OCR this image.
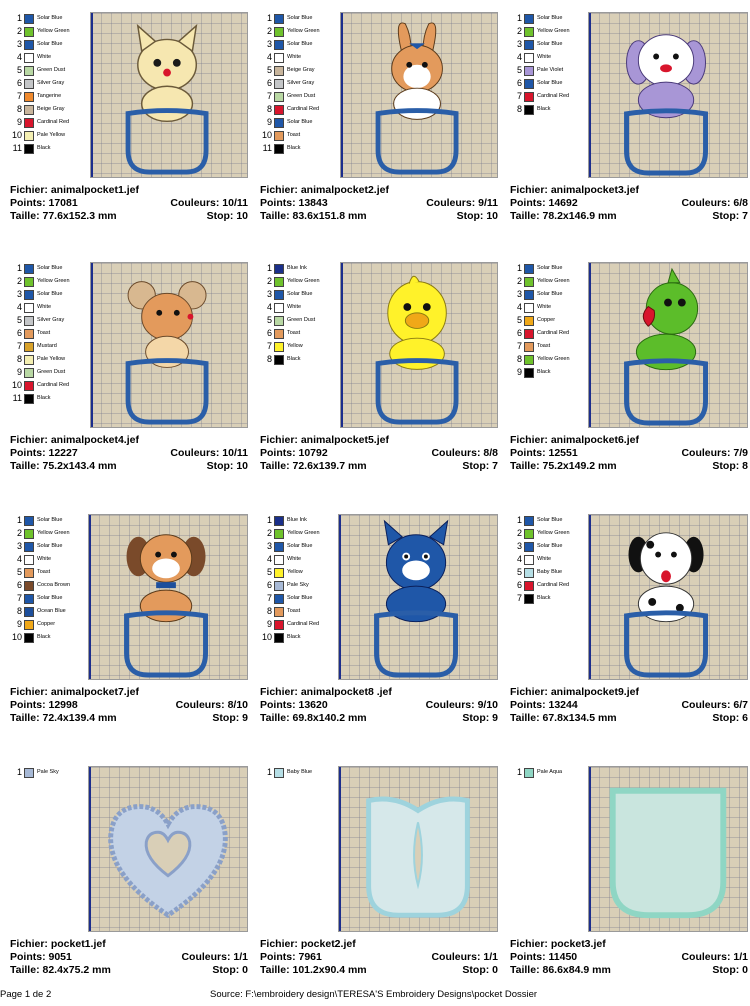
1	Solar Blue
2	Yellow Green
3	Solar Blue
4	White
5	Green Dust
6	Silver Gray
7	Tangerine
8	Beige Gray
9	Cardinal Red
10	Pale Yellow
11	Black
Fichier: animalpocket1.jef
Points: 17081	Couleurs: 10/11
Taille: 77.6x152.3 mm	Stop: 10
1	Solar Blue
2	Yellow Green
3	Solar Blue
4	White
5	Beige Gray
6	Silver Gray
7	Green Dust
8	Cardinal Red
9	Solar Blue
10	Toast
11	Black
Fichier: animalpocket2.jef
Points: 13843	Couleurs: 9/11
Taille: 83.6x151.8 mm	Stop: 10
1	Solar Blue
2	Yellow Green
3	Solar Blue
4	White
5	Pale Violet
6	Solar Blue
7	Cardinal Red
8	Black
Fichier: animalpocket3.jef
Points: 14692	Couleurs: 6/8
Taille: 78.2x146.9 mm	Stop: 7
1	Solar Blue
2	Yellow Green
3	Solar Blue
4	White
5	Silver Gray
6	Toast
7	Mustard
8	Pale Yellow
9	Green Dust
10	Cardinal Red
11	Black
Fichier: animalpocket4.jef
Points: 12227	Couleurs: 10/11
Taille: 75.2x143.4 mm	Stop: 10
1	Blue Ink
2	Yellow Green
3	Solar Blue
4	White
5	Green Dust
6	Toast
7	Yellow
8	Black
Fichier: animalpocket5.jef
Points: 10792	Couleurs: 8/8
Taille: 72.6x139.7 mm	Stop: 7
1	Solar Blue
2	Yellow Green
3	Solar Blue
4	White
5	Copper
6	Cardinal Red
7	Toast
8	Yellow Green
9	Black
Fichier: animalpocket6.jef
Points: 12551	Couleurs: 7/9
Taille: 75.2x149.2 mm	Stop: 8
1	Solar Blue
2	Yellow Green
3	Solar Blue
4	White
5	Toast
6	Cocoa Brown
7	Solar Blue
8	Ocean Blue
9	Copper
10	Black
Fichier: animalpocket7.jef
Points: 12998	Couleurs: 8/10
Taille: 72.4x139.4 mm	Stop: 9
1	Blue Ink
2	Yellow Green
3	Solar Blue
4	White
5	Yellow
6	Pale Sky
7	Solar Blue
8	Toast
9	Cardinal Red
10	Black
Fichier: animalpocket8 .jef
Points: 13620	Couleurs: 9/10
Taille: 69.8x140.2 mm	Stop: 9
1	Solar Blue
2	Yellow Green
3	Solar Blue
4	White
5	Baby Blue
6	Cardinal Red
7	Black
Fichier: animalpocket9.jef
Points: 13244	Couleurs: 6/7
Taille: 67.8x134.5 mm	Stop: 6
1	Pale Sky
Fichier: pocket1.jef
Points: 9051	Couleurs: 1/1
Taille: 82.4x75.2 mm	Stop: 0
1	Baby Blue
Fichier: pocket2.jef
Points: 7961	Couleurs: 1/1
Taille: 101.2x90.4 mm	Stop: 0
1	Pale Aqua
Fichier: pocket3.jef
Points: 11450	Couleurs: 1/1
Taille: 86.6x84.9 mm	Stop: 0
Page 1 de 2	Source: F:\embroidery design\TERESA'S Embroidery Designs\pocket Dossier
